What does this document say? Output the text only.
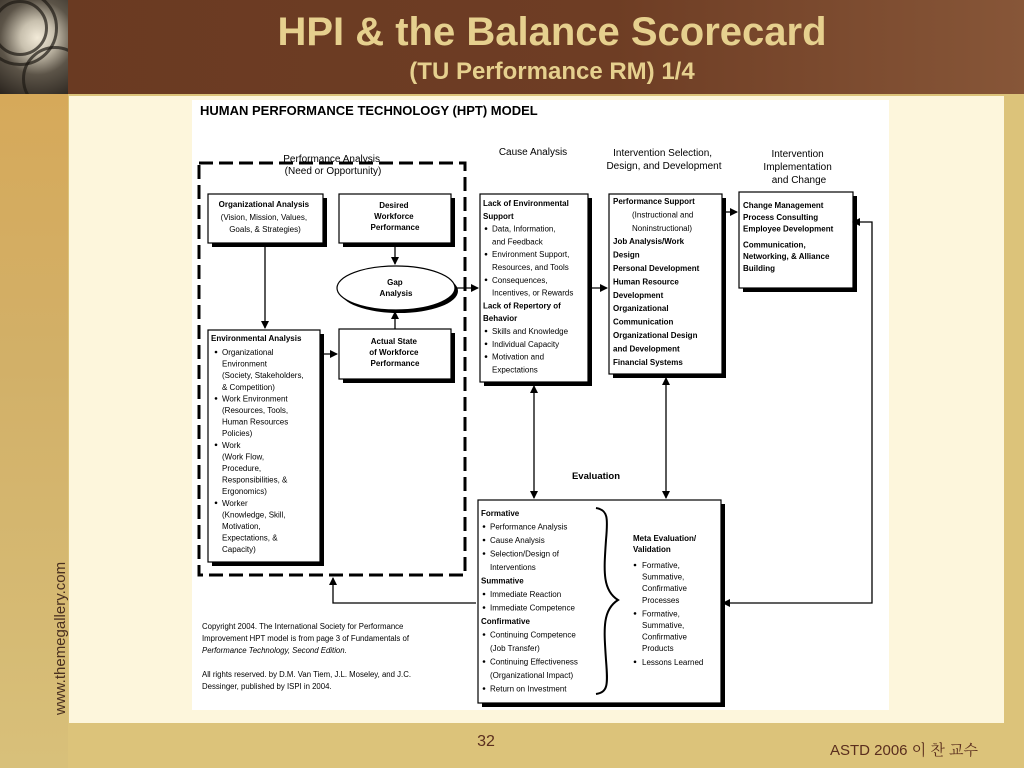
HPI & the Balance Scorecard
(TU Performance RM) 1/4
www.themegallery.com
HUMAN PERFORMANCE TECHNOLOGY (HPT) MODEL
Performance Analysis (Need or Opportunity)
Cause Analysis	Intervention Selection, Design, and Development
Intervention Implementation and Change
Organizational Analysis (Vision, Mission, Values, Goals, & Strategies)
Desired Workforce Performance
Gap Analysis
Actual State of Workforce Performance
Environmental Analysis
Organizational
Environment
(Society, Stakeholders,
& Competition)
Work Environment
(Resources, Tools,
Human Resources
Policies)
Work
(Work Flow,
Procedure,
Responsibilities, &
Ergonomics)
Worker
(Knowledge, Skill,
Motivation,
Expectations, &
Capacity)
Lack of Environmental
Support
Data, Information,
and Feedback
Environment Support,
Resources, and Tools
Consequences,
Incentives, or Rewards
Lack of Repertory of
Behavior
Skills and Knowledge
Individual Capacity
Motivation and
Expectations
Performance Support
(Instructional and
Noninstructional)
Job Analysis/Work
Design
Personal Development
Human Resource
Development
Organizational
Communication
Organizational Design
and Development
Financial Systems
Change Management
Process Consulting
Employee Development
Communication,
Networking, & Alliance
Building
Evaluation
Formative
Performance Analysis
Cause Analysis
Selection/Design of
Interventions
Summative
Immediate Reaction
Immediate Competence
Confirmative
Continuing Competence
(Job Transfer)
Continuing Effectiveness
(Organizational Impact)
Return on Investment
Meta Evaluation/ Validation
Formative,
Summative,
Confirmative
Processes
Formative,
Summative,
Confirmative
Products
Lessons Learned
Copyright 2004. The International Society for Performance Improvement HPT model is from page 3 of Fundamentals of Performance Technology, Second Edition. All rights reserved. by D.M. Van Tiem, J.L. Moseley, and J.C. Dessinger, published by ISPI in 2004.
32
ASTD 2006 이 찬 교수
